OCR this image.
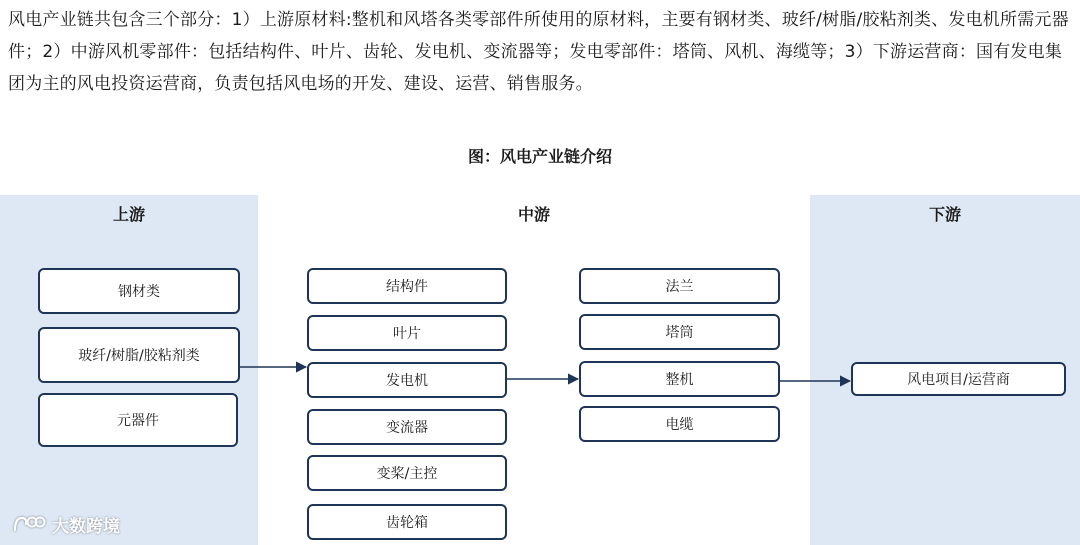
风电产业链共包含三个部分：1）上游原材料:整机和风塔各类零部件所使用的原材料，主要有钢材类、玻纤/树脂/胶粘剂类、发电机所需元器件；2）中游风机零部件：包括结构件、叶片、齿轮、发电机、变流器等；发电零部件：塔筒、风机、海缆等；3）下游运营商：国有发电集团为主的风电投资运营商，负责包括风电场的开发、建设、运营、销售服务。

图：风电产业链介绍
上游	中游	下游
钢材类
玻纤/树脂/胶粘剂类
元器件
结构件
叶片
发电机
变流器
变桨/主控
齿轮箱
法兰
塔筒
整机
电缆
风电项目/运营商
大数跨境
